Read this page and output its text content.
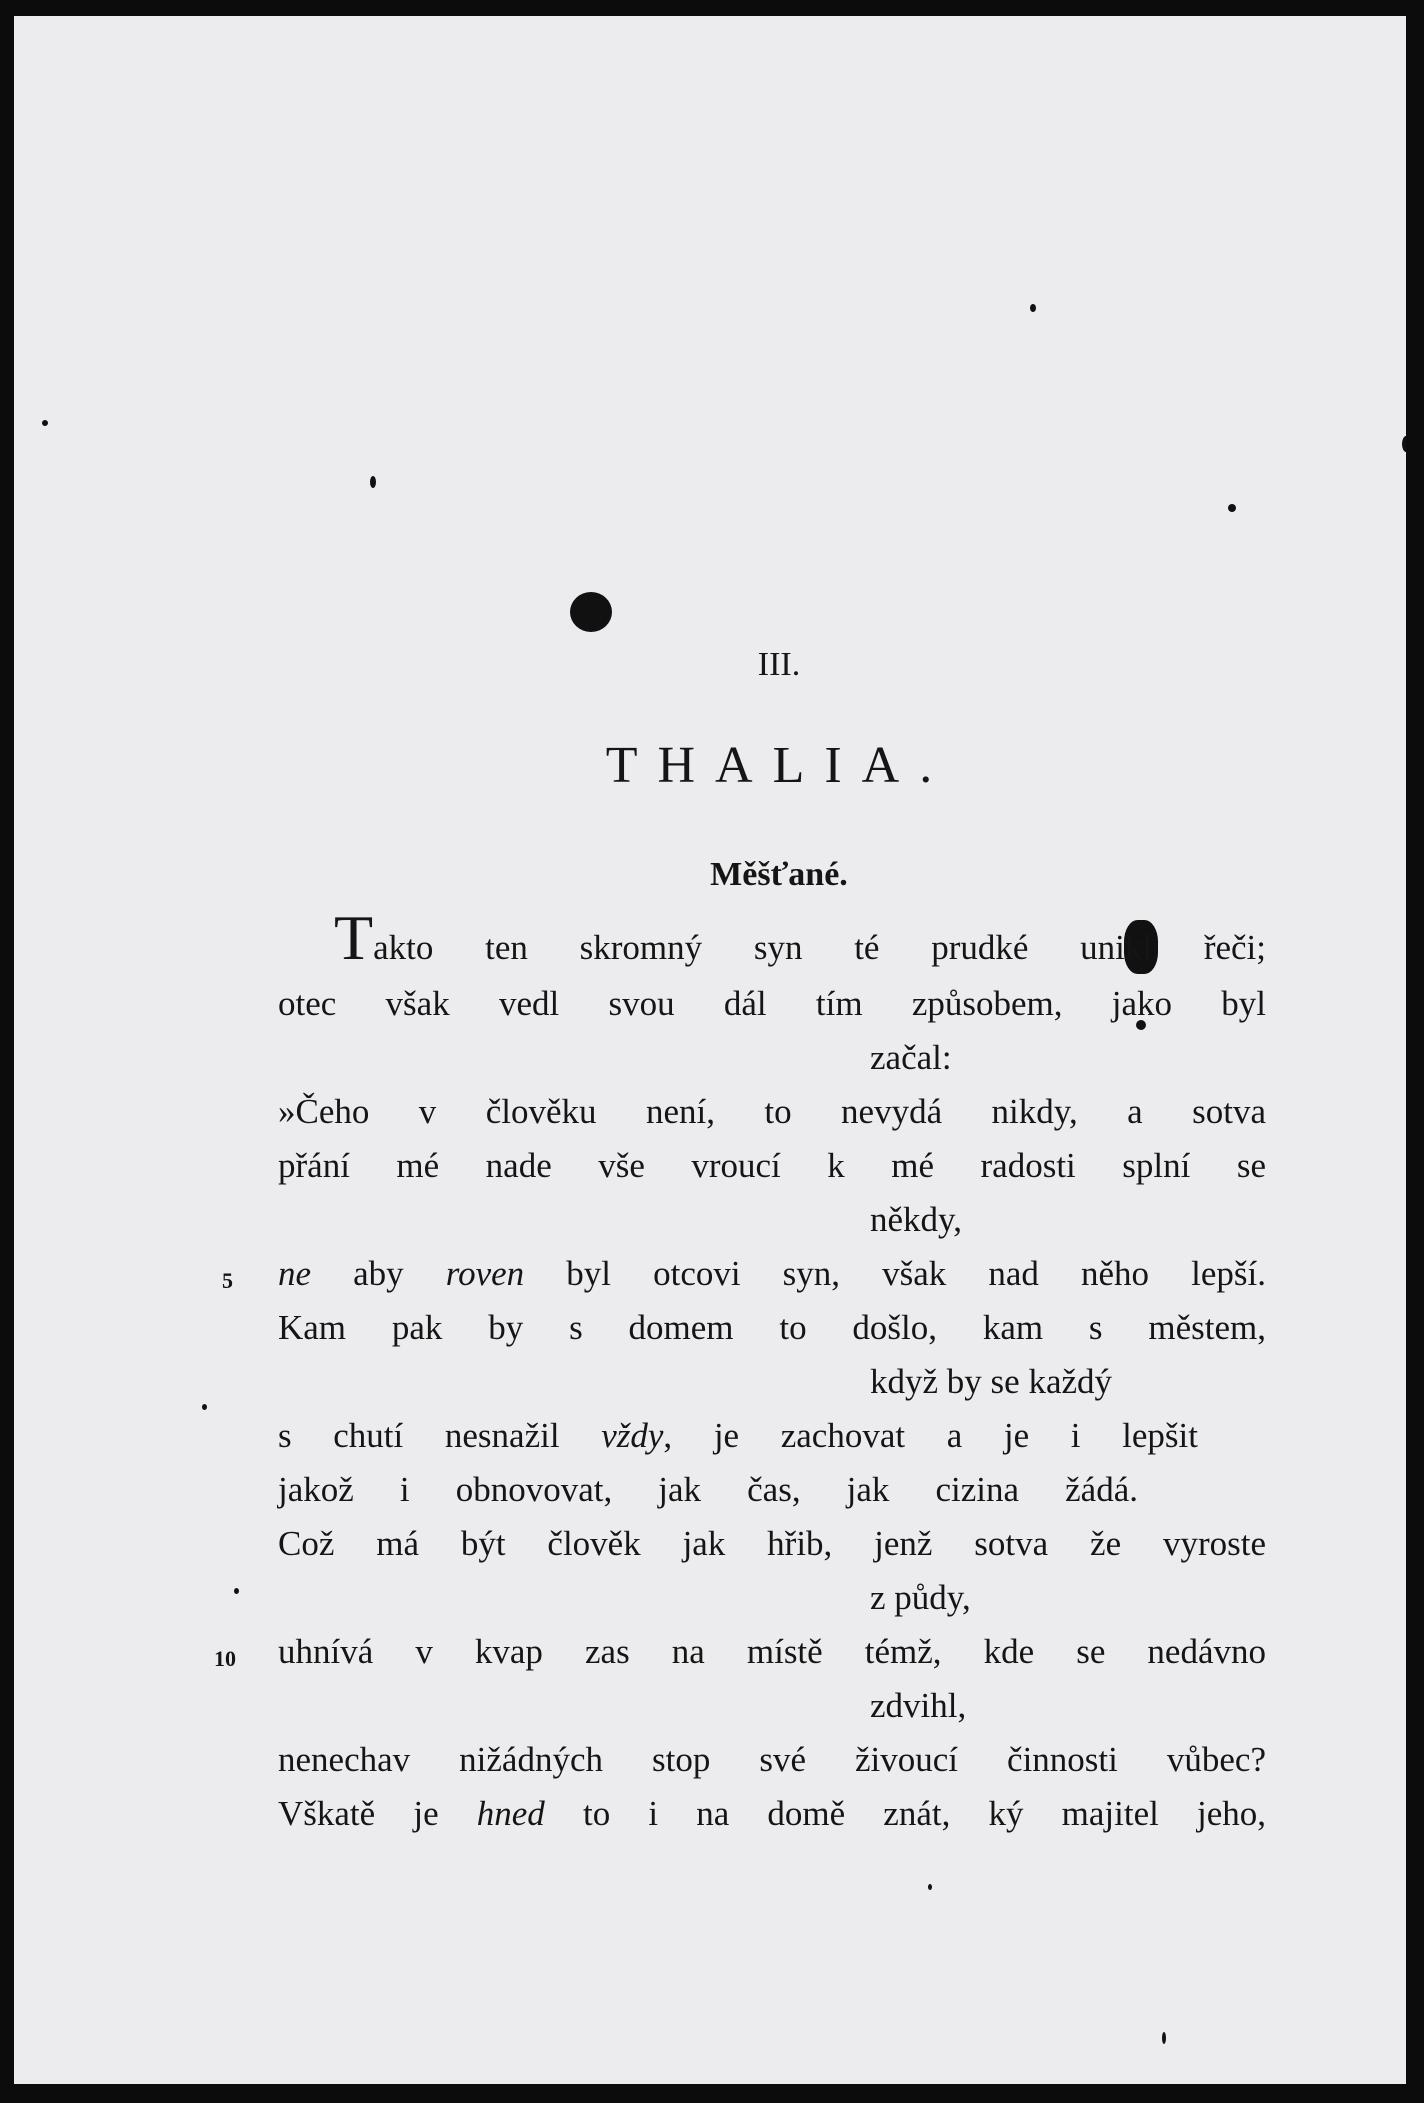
III.
THALIA.
Měšťané.
Takto ten skromný syn té prudké unikl řeči;
otec však vedl svou dál tím způsobem, jako byl
začal:
»Čeho v člověku není, to nevydá nikdy, a sotva
přání mé nade vše vroucí k mé radosti splní se
někdy,
5 ne aby roven byl otcovi syn, však nad něho lepší.
Kam pak by s domem to došlo, kam s městem,
když by se každý
s chutí nesnažil vždy, je zachovat a je i lepšit
jakož i obnovovat, jak čas, jak cizina žádá.
Což má být člověk jak hřib, jenž sotva že vyroste
z půdy,
10 uhnívá v kvap zas na místě témž, kde se nedávno
zdvihl,
nenechav nižádných stop své živoucí činnosti vůbec?
Vškatě je hned to i na domě znát, ký majitel jeho,
